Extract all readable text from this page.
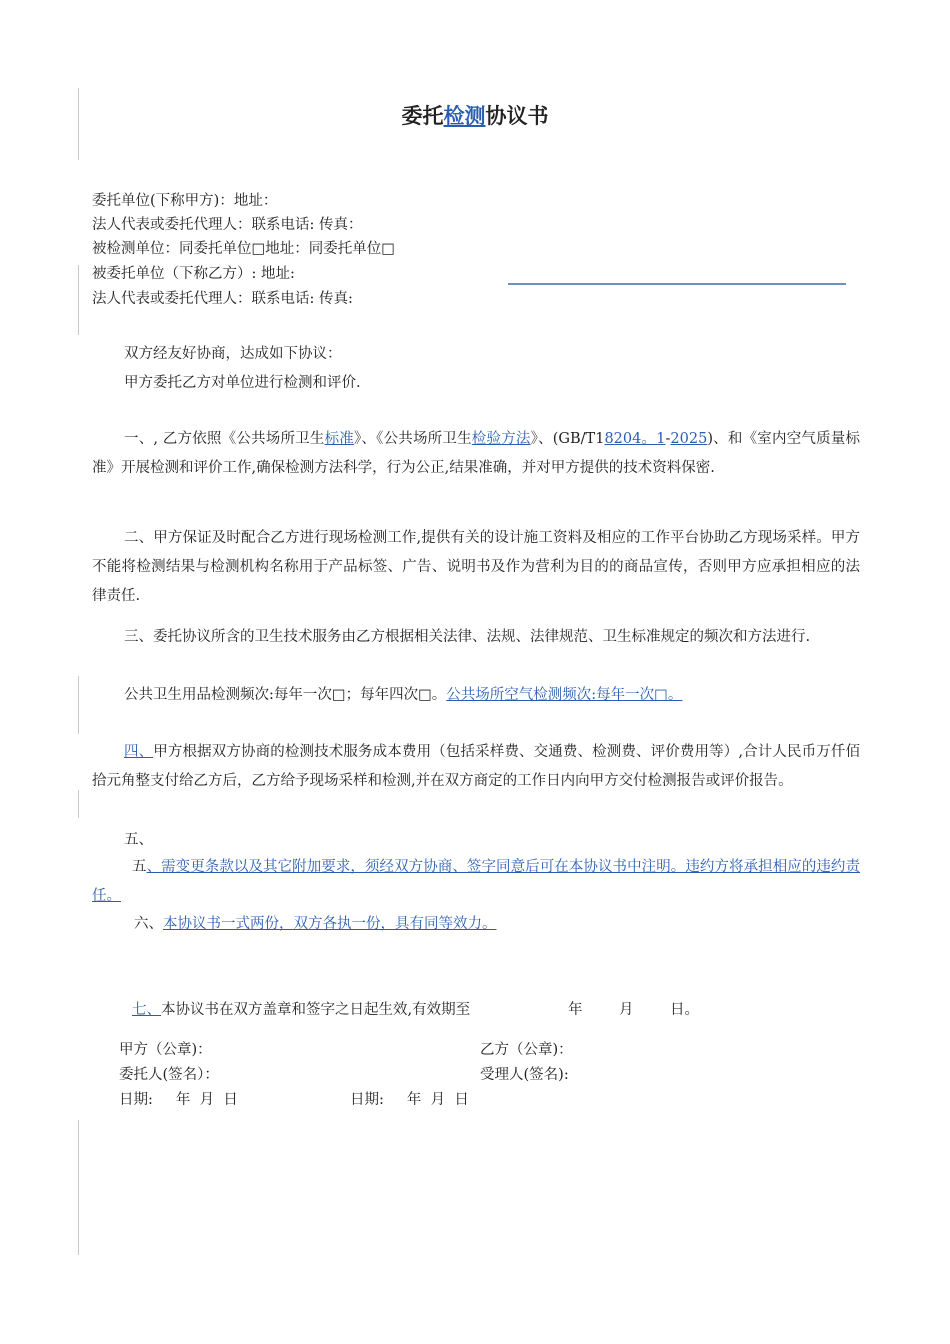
委托检测协议书
委托单位(下称甲方)：地址：
法人代表或委托代理人：联系电话: 传真：
被检测单位：同委托单位□地址：同委托单位□
被委托单位（下称乙方）: 地址:
法人代表或委托代理人：联系电话: 传真:
双方经友好协商，达成如下协议：
甲方委托乙方对单位进行检测和评价.
一、, 乙方依照《公共场所卫生标准》、《公共场所卫生检验方法》、(GB/T18204。1-2025)、和《室内空气质量标准》开展检测和评价工作,确保检测方法科学，行为公正,结果准确，并对甲方提供的技术资料保密.
二、甲方保证及时配合乙方进行现场检测工作,提供有关的设计施工资料及相应的工作平台协助乙方现场采样。甲方不能将检测结果与检测机构名称用于产品标签、广告、说明书及作为营利为目的的商品宣传，否则甲方应承担相应的法律责任.
三、委托协议所含的卫生技术服务由乙方根据相关法律、法规、法律规范、卫生标准规定的频次和方法进行.
公共卫生用品检测频次:每年一次□；每年四次□。公共场所空气检测频次:每年一次□。
四、甲方根据双方协商的检测技术服务成本费用（包括采样费、交通费、检测费、评价费用等）,合计人民币万仟佰拾元角整支付给乙方后，乙方给予现场采样和检测,并在双方商定的工作日内向甲方交付检测报告或评价报告。
五、
五、需变更条款以及其它附加要求，须经双方协商、签字同意后可在本协议书中注明。违约方将承担相应的违约责任。
六、本协议书一式两份，双方各执一份，具有同等效力。
七、本协议书在双方盖章和签字之日起生效,有效期至	年	月	日。
甲方（公章)：	乙方（公章)：
委托人(签名）：	受理人(签名):
日期:     年  月  日	日期:     年  月  日
